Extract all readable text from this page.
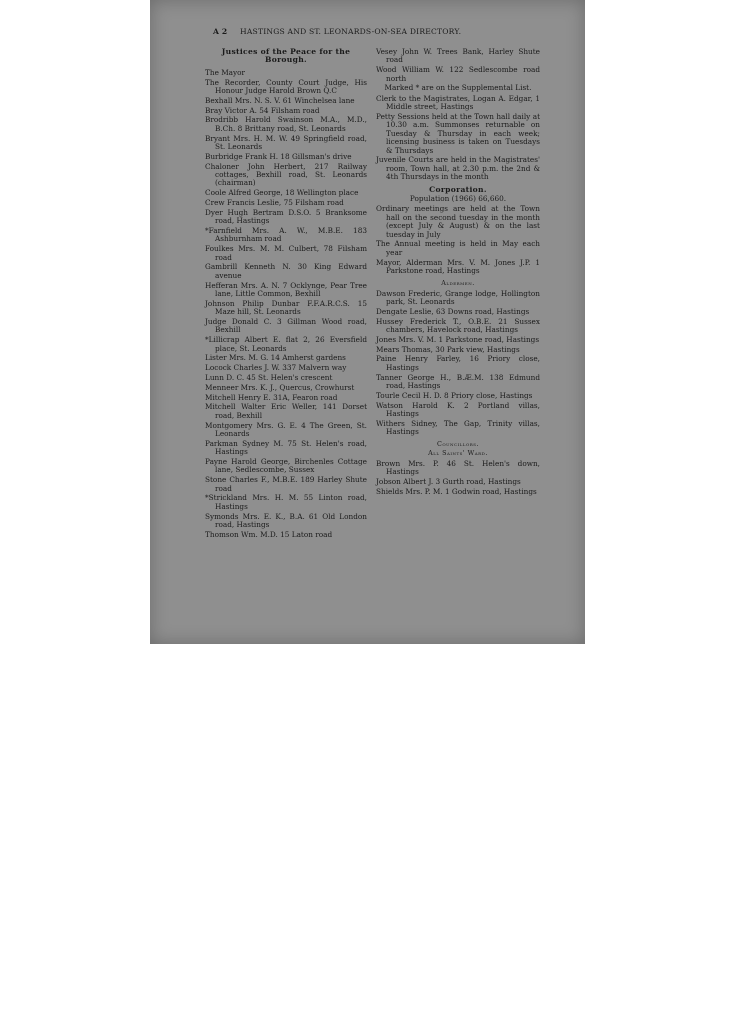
A 2 HASTINGS AND ST. LEONARDS-ON-SEA DIRECTORY.
Justices of the Peace for the Borough.
The Mayor
The Recorder, County Court Judge, His Honour Judge Harold Brown Q.C
Bexhall Mrs. N. S. V. 61 Winchelsea lane
Bray Victor A. 54 Filsham road
Brodribb Harold Swainson M.A., M.D., B.Ch. 8 Brittany road, St. Leonards
Bryant Mrs. H. M. W. 49 Springfield road, St. Leonards
Burbridge Frank H. 18 Gillsman's drive
Chaloner John Herbert, 217 Railway cottages, Bexhill road, St. Leonards (chairman)
Coole Alfred George, 18 Wellington place
Crew Francis Leslie, 75 Filsham road
Dyer Hugh Bertram D.S.O. 5 Branksome road, Hastings
*Farnfield Mrs. A. W., M.B.E. 183 Ashburnham road
Foulkes Mrs. M. M. Culbert, 78 Filsham road
Gambrill Kenneth N. 30 King Edward avenue
Hefferan Mrs. A. N. 7 Ocklynge, Pear Tree lane, Little Common, Bexhill
Johnson Philip Dunbar F.F.A.R.C.S. 15 Maze hill, St. Leonards
Judge Donald C. 3 Gillman Wood road, Bexhill
*Lillicrap Albert E. flat 2, 26 Eversfield place, St. Leonards
Lister Mrs. M. G. 14 Amherst gardens
Locock Charles J. W. 337 Malvern way
Lunn D. C. 45 St. Helen's crescent
Menneer Mrs. K. J., Quercus, Crowhurst
Mitchell Henry E. 31A, Fearon road
Mitchell Walter Eric Weller, 141 Dorset road, Bexhill
Montgomery Mrs. G. E. 4 The Green, St. Leonards
Parkman Sydney M. 75 St. Helen's road, Hastings
Payne Harold George, Birchenles Cottage lane, Sedlescombe, Sussex
Stone Charles F., M.B.E. 189 Harley Shute road
*Strickland Mrs. H. M. 55 Linton road, Hastings
Symonds Mrs. E. K., B.A. 61 Old London road, Hastings
Thomson Wm. M.D. 15 Laton road
Vesey John W. Trees Bank, Harley Shute road
Wood William W. 122 Sedlescombe road north
Marked * are on the Supplemental List.
Clerk to the Magistrates, Logan A. Edgar, 1 Middle street, Hastings
Petty Sessions held at the Town hall daily at 10.30 a.m. Summonses returnable on Tuesday & Thursday in each week; licensing business is taken on Tuesdays & Thursdays
Juvenile Courts are held in the Magistrates' room, Town hall, at 2.30 p.m. the 2nd & 4th Thursdays in the month
Corporation.
Population (1966) 66,660.
Ordinary meetings are held at the Town hall on the second tuesday in the month (except July & August) & on the last tuesday in July
The Annual meeting is held in May each year
Mayor, Alderman Mrs. V. M. Jones J.P. 1 Parkstone road, Hastings
Aldermen.
Dawson Frederic, Grange lodge, Hollington park, St. Leonards
Dengate Leslie, 63 Downs road, Hastings
Hussey Frederick T., O.B.E. 21 Sussex chambers, Havelock road, Hastings
Jones Mrs. V. M. 1 Parkstone road, Hastings
Mears Thomas, 30 Park view, Hastings
Paine Henry Farley, 16 Priory close, Hastings
Tanner George H., B.Æ.M. 138 Edmund road, Hastings
Tourle Cecil H. D. 8 Priory close, Hastings
Watson Harold K. 2 Portland villas, Hastings
Withers Sidney, The Gap, Trinity villas, Hastings
Councillors.
All Saints' Ward.
Brown Mrs. P. 46 St. Helen's down, Hastings
Jobson Albert J. 3 Gurth road, Hastings
Shields Mrs. P. M. 1 Godwin road, Hastings
